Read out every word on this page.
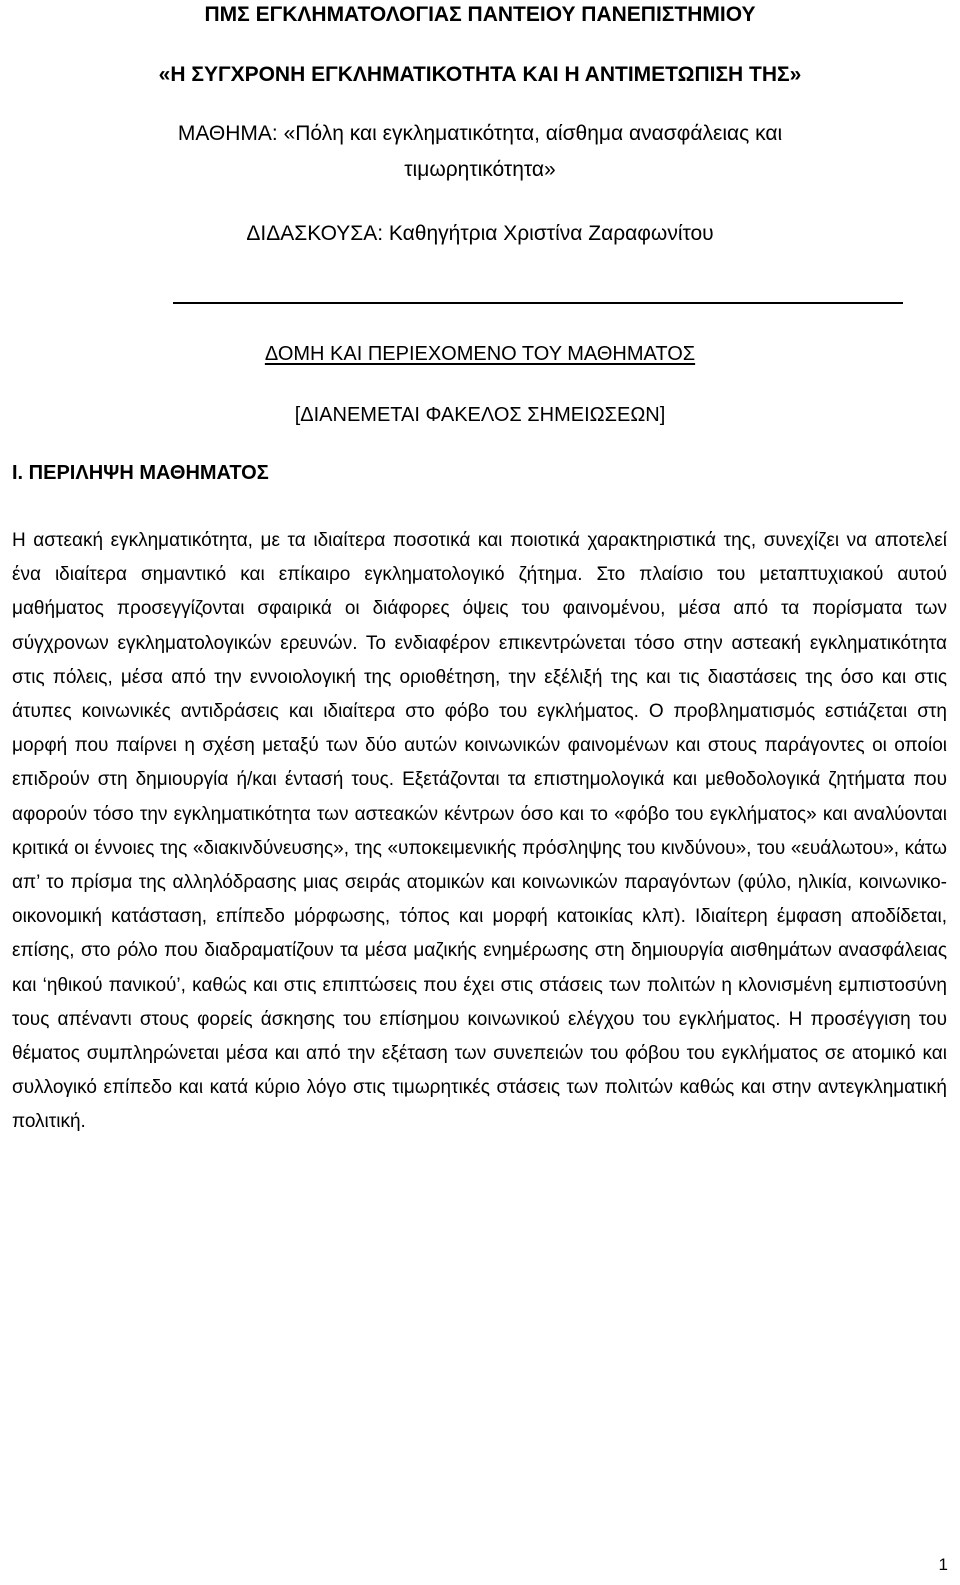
ΠΜΣ ΕΓΚΛΗΜΑΤΟΛΟΓΙΑΣ ΠΑΝΤΕΙΟΥ ΠΑΝΕΠΙΣΤΗΜΙΟΥ
«Η ΣΥΓΧΡΟΝΗ ΕΓΚΛΗΜΑΤΙΚΟΤΗΤΑ ΚΑΙ Η ΑΝΤΙΜΕΤΩΠΙΣΗ ΤΗΣ»
ΜΑΘΗΜΑ: «Πόλη και εγκληματικότητα, αίσθημα ανασφάλειας και
τιμωρητικότητα»
ΔΙΔΑΣΚΟΥΣΑ: Καθηγήτρια Χριστίνα Ζαραφωνίτου
ΔΟΜΗ ΚΑΙ ΠΕΡΙΕΧΟΜΕΝΟ ΤΟΥ ΜΑΘΗΜΑΤΟΣ
[ΔΙΑΝΕΜΕΤΑΙ ΦΑΚΕΛΟΣ ΣΗΜΕΙΩΣΕΩΝ]
Ι. ΠΕΡΙΛΗΨΗ ΜΑΘΗΜΑΤΟΣ
Η αστεακή εγκληματικότητα, με τα ιδιαίτερα ποσοτικά και ποιοτικά χαρακτηριστικά της, συνεχίζει να αποτελεί ένα ιδιαίτερα σημαντικό και επίκαιρο εγκληματολογικό ζήτημα. Στο πλαίσιο του μεταπτυχιακού αυτού μαθήματος προσεγγίζονται σφαιρικά οι διάφορες όψεις του φαινομένου, μέσα από τα πορίσματα των σύγχρονων εγκληματολογικών ερευνών. Το ενδιαφέρον επικεντρώνεται τόσο στην αστεακή εγκληματικότητα στις πόλεις, μέσα από την εννοιολογική της οριοθέτηση, την εξέλιξή της και τις διαστάσεις της όσο και στις άτυπες κοινωνικές αντιδράσεις και ιδιαίτερα στο φόβο του εγκλήματος. Ο προβληματισμός εστιάζεται στη μορφή που παίρνει η σχέση μεταξύ των δύο αυτών κοινωνικών φαινομένων και στους παράγοντες οι οποίοι επιδρούν στη δημιουργία ή/και έντασή τους. Εξετάζονται τα επιστημολογικά και μεθοδολογικά ζητήματα που αφορούν τόσο την εγκληματικότητα των αστεακών κέντρων όσο και το «φόβο του εγκλήματος» και αναλύονται κριτικά οι έννοιες της «διακινδύνευσης», της «υποκειμενικής πρόσληψης του κινδύνου», του «ευάλωτου», κάτω απ’ το πρίσμα της αλληλόδρασης μιας σειράς ατομικών και κοινωνικών παραγόντων (φύλο, ηλικία, κοινωνικο-οικονομική κατάσταση, επίπεδο μόρφωσης, τόπος και μορφή κατοικίας κλπ). Ιδιαίτερη έμφαση αποδίδεται, επίσης, στο ρόλο που διαδραματίζουν τα μέσα μαζικής ενημέρωσης στη δημιουργία αισθημάτων ανασφάλειας και ‘ηθικού πανικού’, καθώς και στις επιπτώσεις που έχει στις στάσεις των πολιτών η κλονισμένη εμπιστοσύνη τους απέναντι στους φορείς άσκησης του επίσημου κοινωνικού ελέγχου του εγκλήματος. Η προσέγγιση του θέματος συμπληρώνεται μέσα και από την εξέταση των συνεπειών του φόβου του εγκλήματος σε ατομικό και συλλογικό επίπεδο και κατά κύριο λόγο στις τιμωρητικές στάσεις των πολιτών καθώς και στην αντεγκληματική πολιτική.
1
